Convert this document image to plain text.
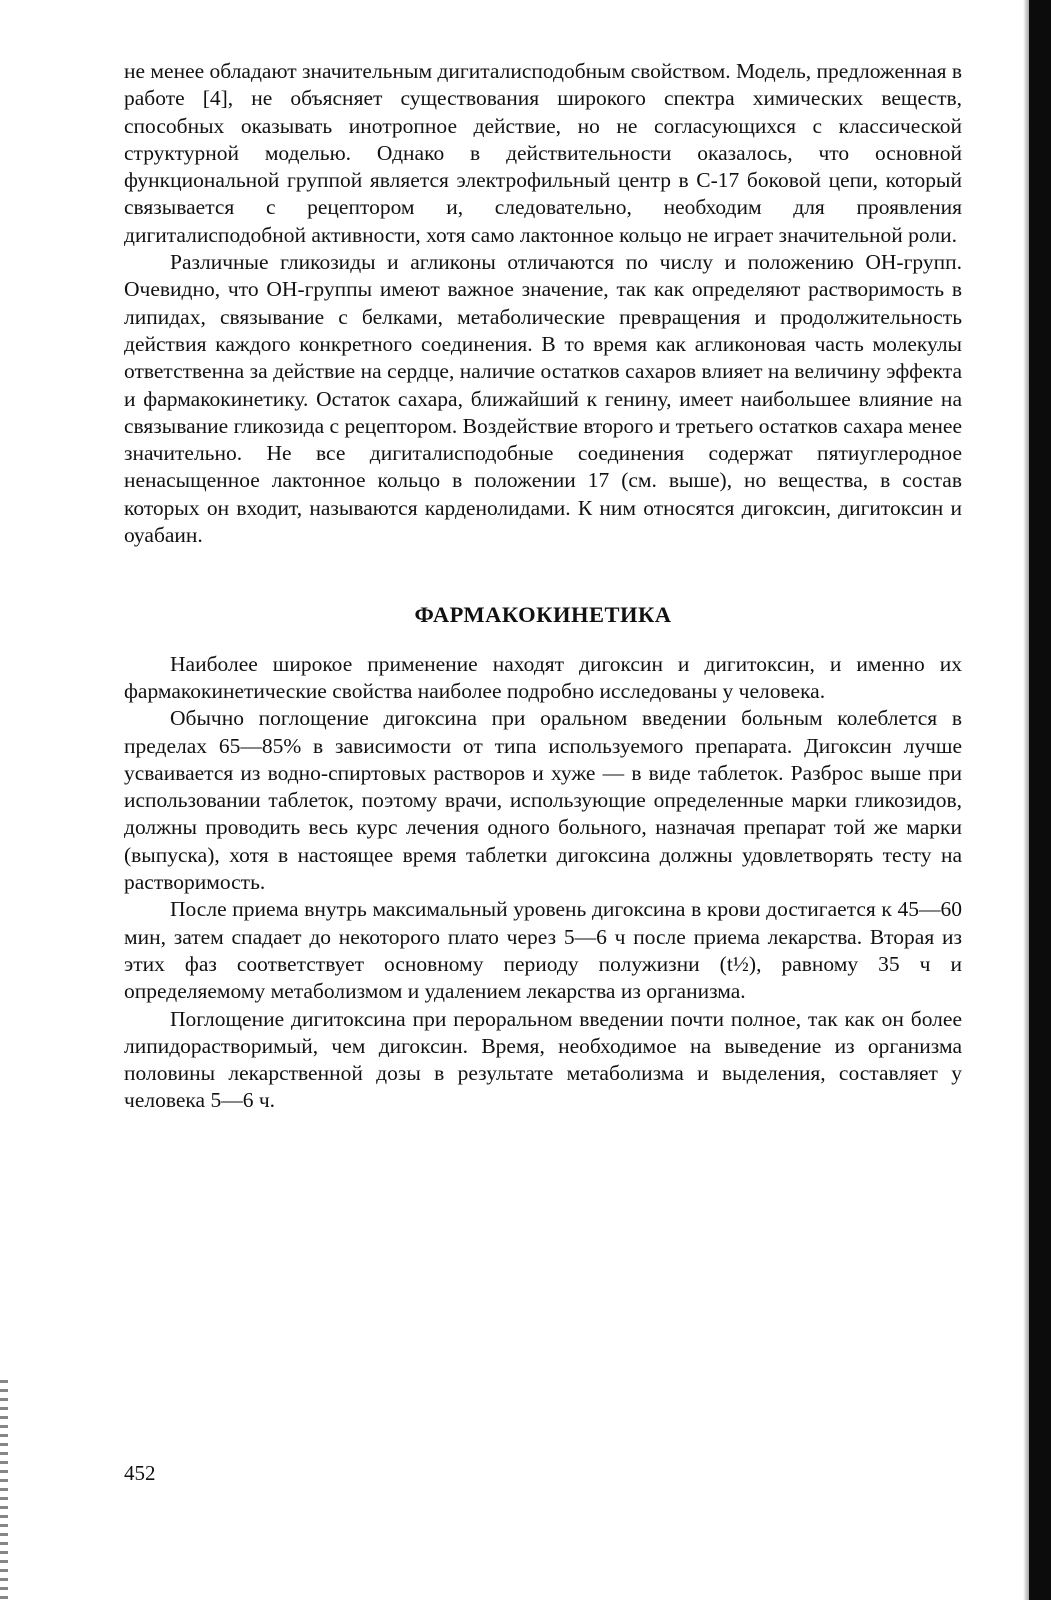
не менее обладают значительным дигиталисподобным свойством. Модель, предложенная в работе [4], не объясняет существования широкого спектра химических веществ, способных оказывать инотропное действие, но не согласующихся с классической структурной моделью. Однако в действительности оказалось, что основной функциональной группой является электрофильный центр в С-17 боковой цепи, который связывается с рецептором и, следовательно, необходим для проявления дигиталисподобной активности, хотя само лактонное кольцо не играет значительной роли.

Различные гликозиды и агликоны отличаются по числу и положению ОН-групп. Очевидно, что ОН-группы имеют важное значение, так как определяют растворимость в липидах, связывание с белками, метаболические превращения и продолжительность действия каждого конкретного соединения. В то время как агликоновая часть молекулы ответственна за действие на сердце, наличие остатков сахаров влияет на величину эффекта и фармакокинетику. Остаток сахара, ближайший к генину, имеет наибольшее влияние на связывание гликозида с рецептором. Воздействие второго и третьего остатков сахара менее значительно. Не все дигиталисподобные соединения содержат пятиуглеродное ненасыщенное лактонное кольцо в положении 17 (см. выше), но вещества, в состав которых он входит, называются карденолидами. К ним относятся дигоксин, дигитоксин и оуабаин.

ФАРМАКОКИНЕТИКА

Наиболее широкое применение находят дигоксин и дигитоксин, и именно их фармакокинетические свойства наиболее подробно исследованы у человека.

Обычно поглощение дигоксина при оральном введении больным колеблется в пределах 65—85% в зависимости от типа используемого препарата. Дигоксин лучше усваивается из водно-спиртовых растворов и хуже — в виде таблеток. Разброс выше при использовании таблеток, поэтому врачи, использующие определенные марки гликозидов, должны проводить весь курс лечения одного больного, назначая препарат той же марки (выпуска), хотя в настоящее время таблетки дигоксина должны удовлетворять тесту на растворимость.

После приема внутрь максимальный уровень дигоксина в крови достигается к 45—60 мин, затем спадает до некоторого плато через 5—6 ч после приема лекарства. Вторая из этих фаз соответствует основному периоду полужизни (t½), равному 35 ч и определяемому метаболизмом и удалением лекарства из организма.

Поглощение дигитоксина при пероральном введении почти полное, так как он более липидорастворимый, чем дигоксин. Время, необходимое на выведение из организма половины лекарственной дозы в результате метаболизма и выделения, составляет у человека 5—6 ч.

452
